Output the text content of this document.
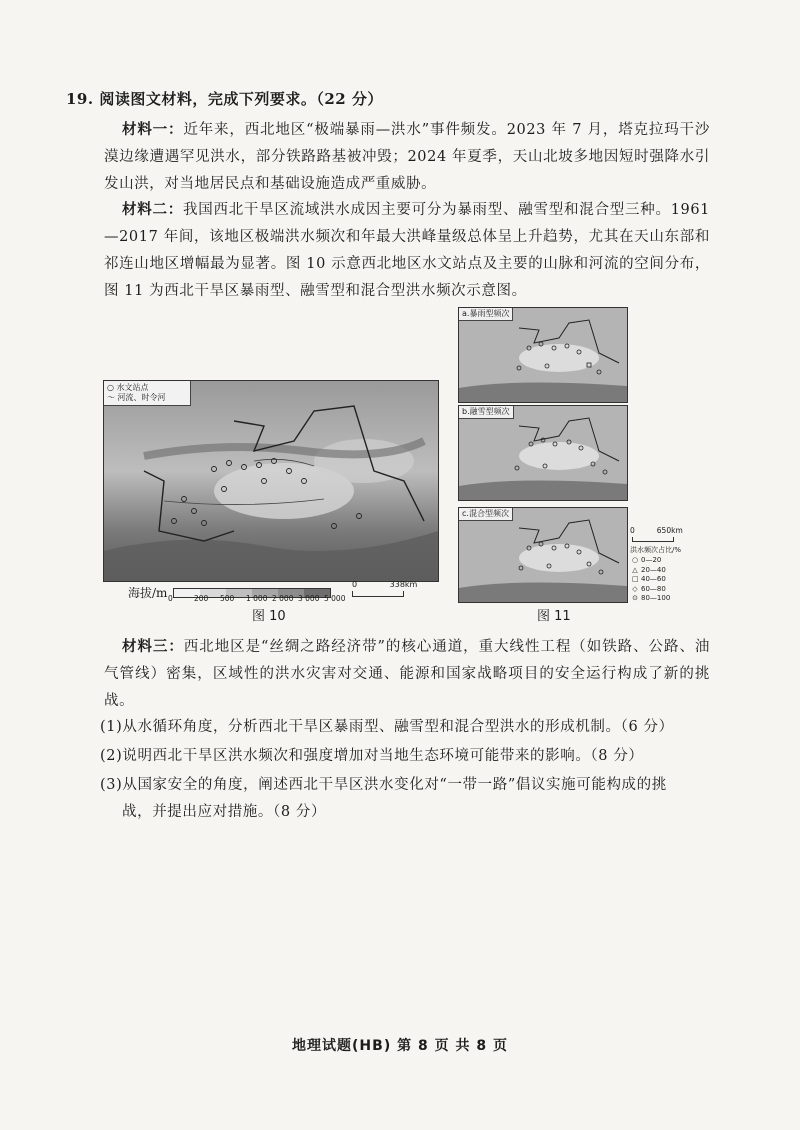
19. 阅读图文材料，完成下列要求。（22 分）
材料一：近年来，西北地区“极端暴雨—洪水”事件频发。2023 年 7 月，塔克拉玛干沙漠边缘遭遇罕见洪水，部分铁路路基被冲毁；2024 年夏季，天山北坡多地因短时强降水引发山洪，对当地居民点和基础设施造成严重威胁。
材料二：我国西北干旱区流域洪水成因主要可分为暴雨型、融雪型和混合型三种。1961—2017 年间，该地区极端洪水频次和年最大洪峰量级总体呈上升趋势，尤其在天山东部和祁连山地区增幅最为显著。图 10 示意西北地区水文站点及主要的山脉和河流的空间分布，图 11 为西北干旱区暴雨型、融雪型和混合型洪水频次示意图。
○ 水文站点
〜 河流、时令河
海拔/m 0	200	500	1 000 2 000 3 000 5 000
0	338km
图 10
a.暴雨型频次
b.融雪型频次
c.混合型频次
0	650km
洪水频次占比/%
○ 0—20
△ 20—40
□ 40—60
◇ 60—80
⊙ 80—100
图 11
材料三：西北地区是“丝绸之路经济带”的核心通道，重大线性工程（如铁路、公路、油气管线）密集，区域性的洪水灾害对交通、能源和国家战略项目的安全运行构成了新的挑战。
(1)从水循环角度，分析西北干旱区暴雨型、融雪型和混合型洪水的形成机制。（6 分）
(2)说明西北干旱区洪水频次和强度增加对当地生态环境可能带来的影响。（8 分）
(3)从国家安全的角度，阐述西北干旱区洪水变化对“一带一路”倡议实施可能构成的挑
战，并提出应对措施。（8 分）
地理试题(HB) 第 8 页 共 8 页
